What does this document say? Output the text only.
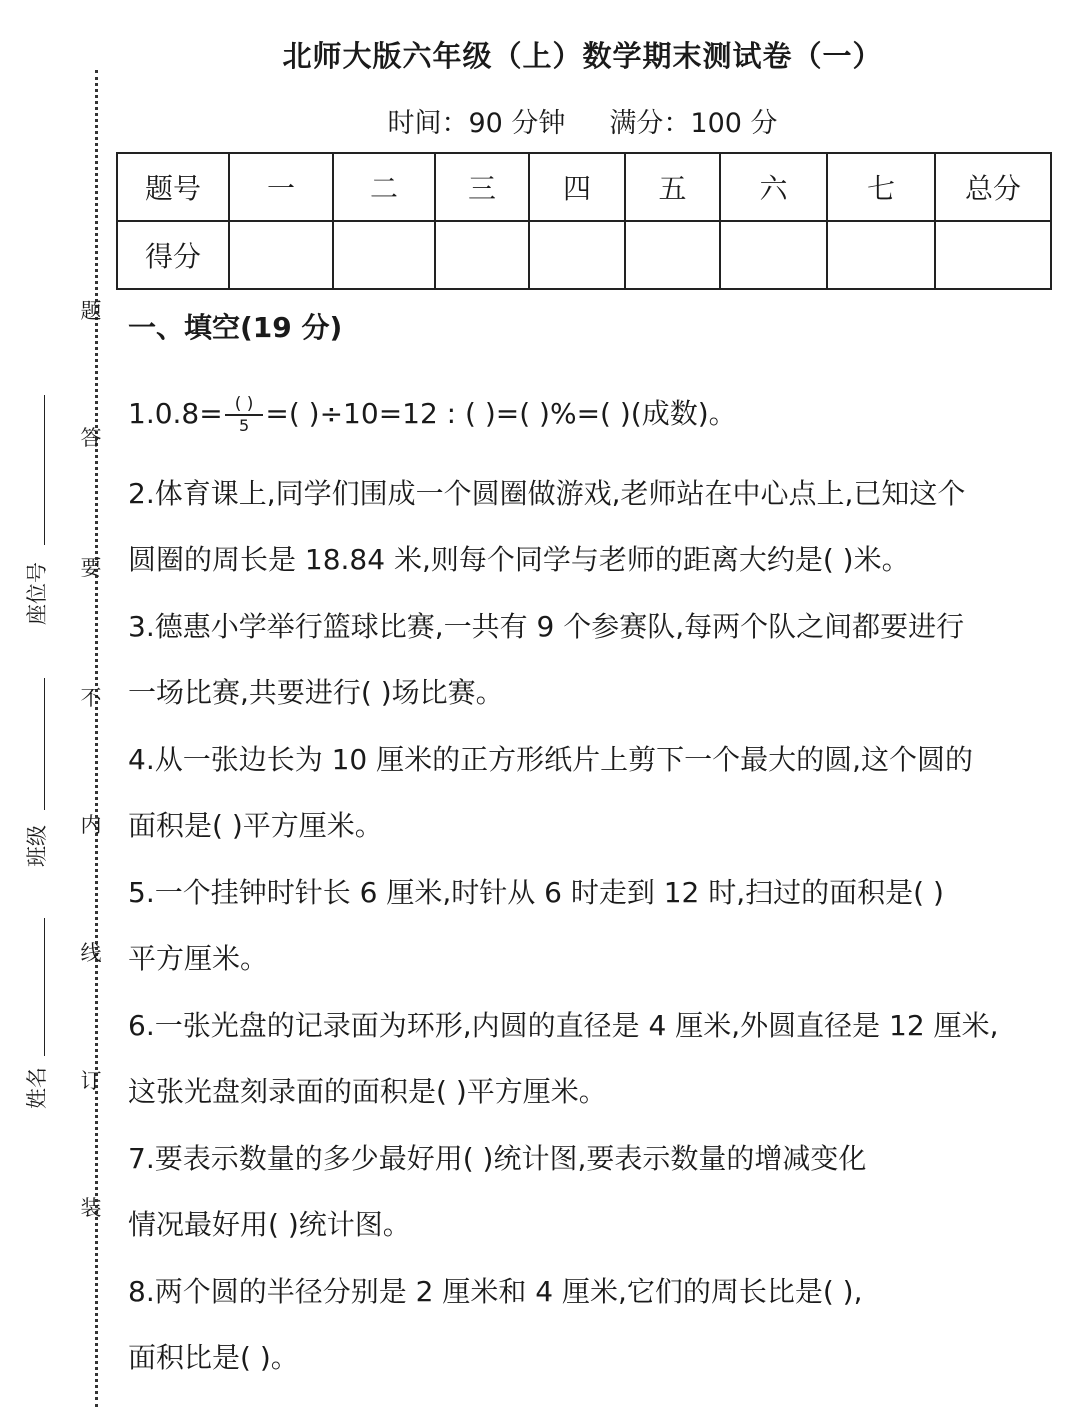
题
答
要
不
内
线
订
装
座位号
班级
姓名
北师大版六年级（上）数学期末测试卷（一）
时间：90 分钟 满分：100 分
题号	一	二	三	四	五	六	七	总分
得分								
一、填空(19 分)
$1.0.8= \frac{( )}{5}$ =( )÷10=12 : ( )=( )%=( )(成数)。
2.体育课上,同学们围成一个圆圈做游戏,老师站在中心点上,已知这个
圆圈的周长是 18.84 米,则每个同学与老师的距离大约是( )米。
3.德惠小学举行篮球比赛,一共有 9 个参赛队,每两个队之间都要进行
一场比赛,共要进行( )场比赛。
4.从一张边长为 10 厘米的正方形纸片上剪下一个最大的圆,这个圆的
面积是( )平方厘米。
5.一个挂钟时针长 6 厘米,时针从 6 时走到 12 时,扫过的面积是( )
平方厘米。
6.一张光盘的记录面为环形,内圆的直径是 4 厘米,外圆直径是 12 厘米,
这张光盘刻录面的面积是( )平方厘米。
7.要表示数量的多少最好用( )统计图,要表示数量的增减变化
情况最好用( )统计图。
8.两个圆的半径分别是 2 厘米和 4 厘米,它们的周长比是( ),
面积比是( )。
